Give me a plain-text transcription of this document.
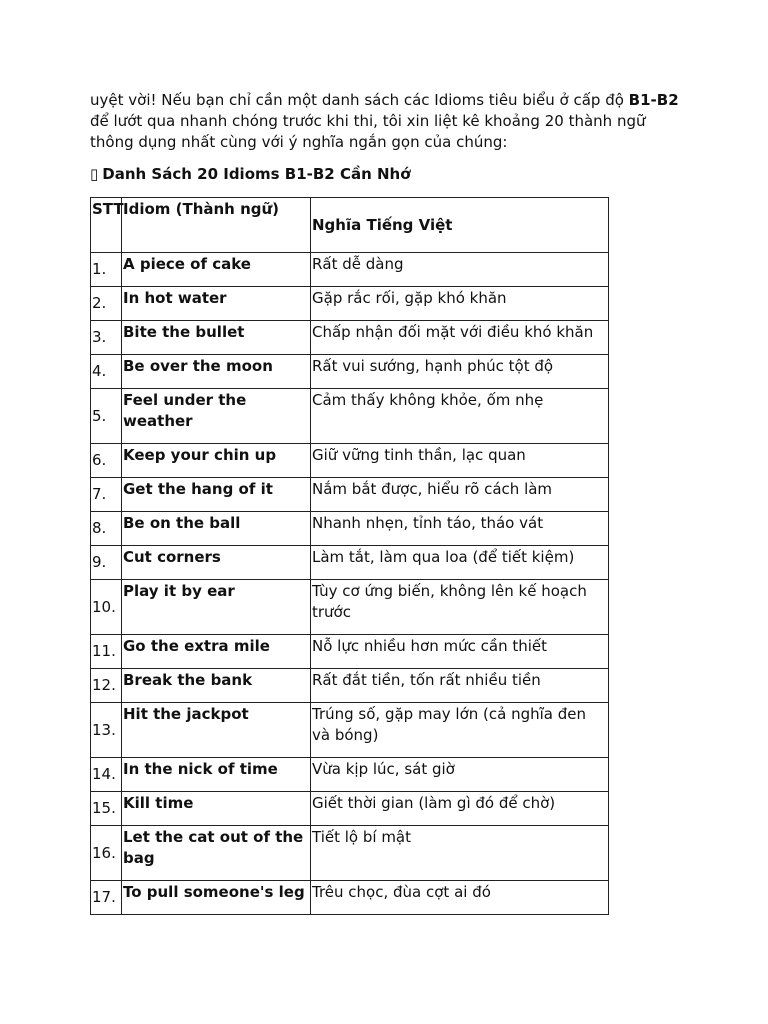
uyệt vời! Nếu bạn chỉ cần một danh sách các Idioms tiêu biểu ở cấp độ B1-B2 để lướt qua nhanh chóng trước khi thi, tôi xin liệt kê khoảng 20 thành ngữ thông dụng nhất cùng với ý nghĩa ngắn gọn của chúng:

▯ Danh Sách 20 Idioms B1-B2 Cần Nhớ

STT	Idiom (Thành ngữ)	Nghĩa Tiếng Việt
1.	A piece of cake	Rất dễ dàng
2.	In hot water	Gặp rắc rối, gặp khó khăn
3.	Bite the bullet	Chấp nhận đối mặt với điều khó khăn
4.	Be over the moon	Rất vui sướng, hạnh phúc tột độ
5.	Feel under the weather	Cảm thấy không khỏe, ốm nhẹ
6.	Keep your chin up	Giữ vững tinh thần, lạc quan
7.	Get the hang of it	Nắm bắt được, hiểu rõ cách làm
8.	Be on the ball	Nhanh nhẹn, tỉnh táo, tháo vát
9.	Cut corners	Làm tắt, làm qua loa (để tiết kiệm)
10.	Play it by ear	Tùy cơ ứng biến, không lên kế hoạch trước
11.	Go the extra mile	Nỗ lực nhiều hơn mức cần thiết
12.	Break the bank	Rất đắt tiền, tốn rất nhiều tiền
13.	Hit the jackpot	Trúng số, gặp may lớn (cả nghĩa đen và bóng)
14.	In the nick of time	Vừa kịp lúc, sát giờ
15.	Kill time	Giết thời gian (làm gì đó để chờ)
16.	Let the cat out of the bag	Tiết lộ bí mật
17.	To pull someone's leg	Trêu chọc, đùa cợt ai đó
